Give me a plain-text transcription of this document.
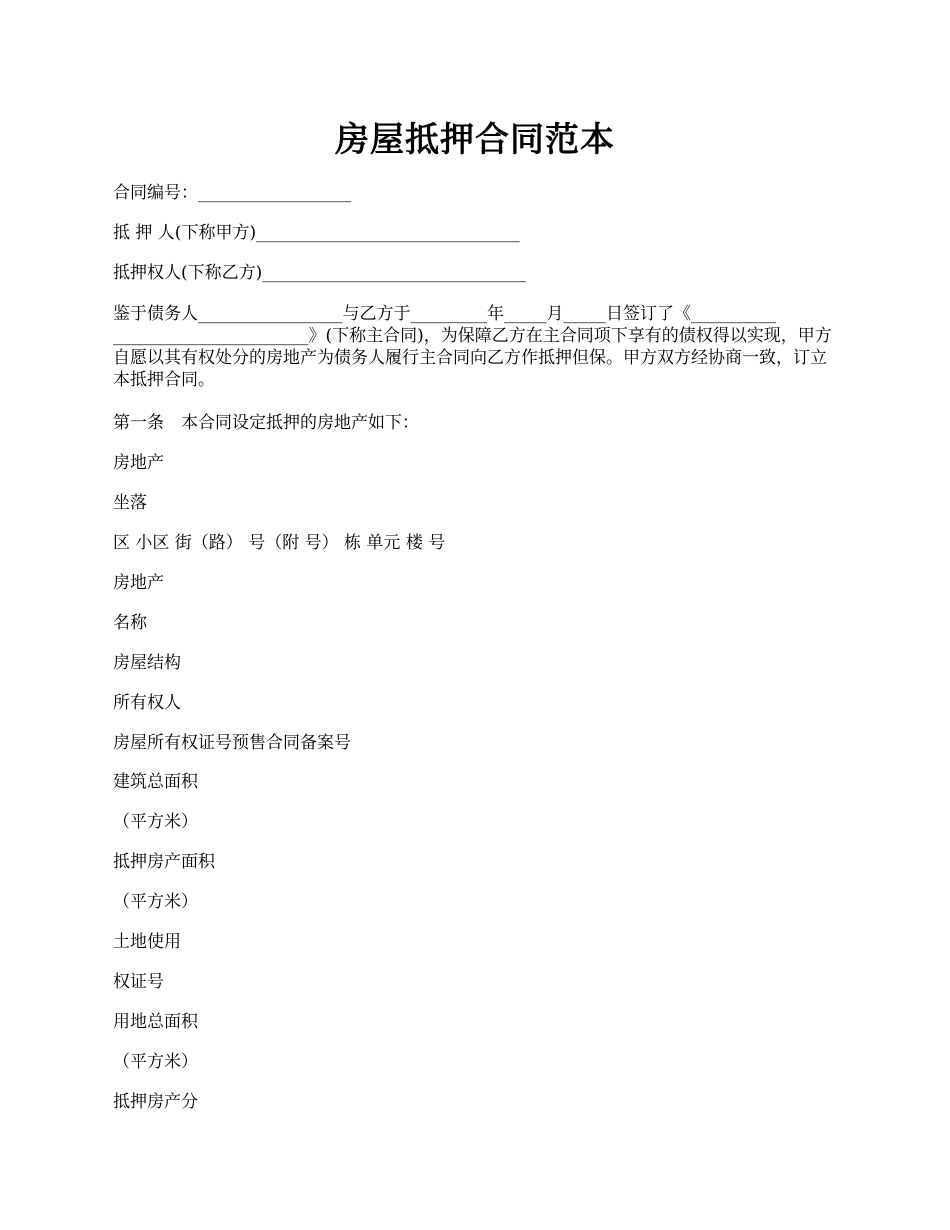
房屋抵押合同范本

合同编号：__________________

抵 押 人(下称甲方)_______________________________

抵押权人(下称乙方)_______________________________

鉴于债务人_________________与乙方于_________年_____月_____日签订了《__________ _______________________》(下称主合同)，为保障乙方在主合同项下享有的债权得以实现，甲方自愿以其有权处分的房地产为债务人履行主合同向乙方作抵押但保。甲方双方经协商一致，订立本抵押合同。

第一条　本合同设定抵押的房地产如下：

房地产

坐落

区 小区 街（路） 号（附 号） 栋 单元 楼 号

房地产

名称

房屋结构

所有权人

房屋所有权证号预售合同备案号

建筑总面积

（平方米）

抵押房产面积

（平方米）

土地使用

权证号

用地总面积

（平方米）

抵押房产分
